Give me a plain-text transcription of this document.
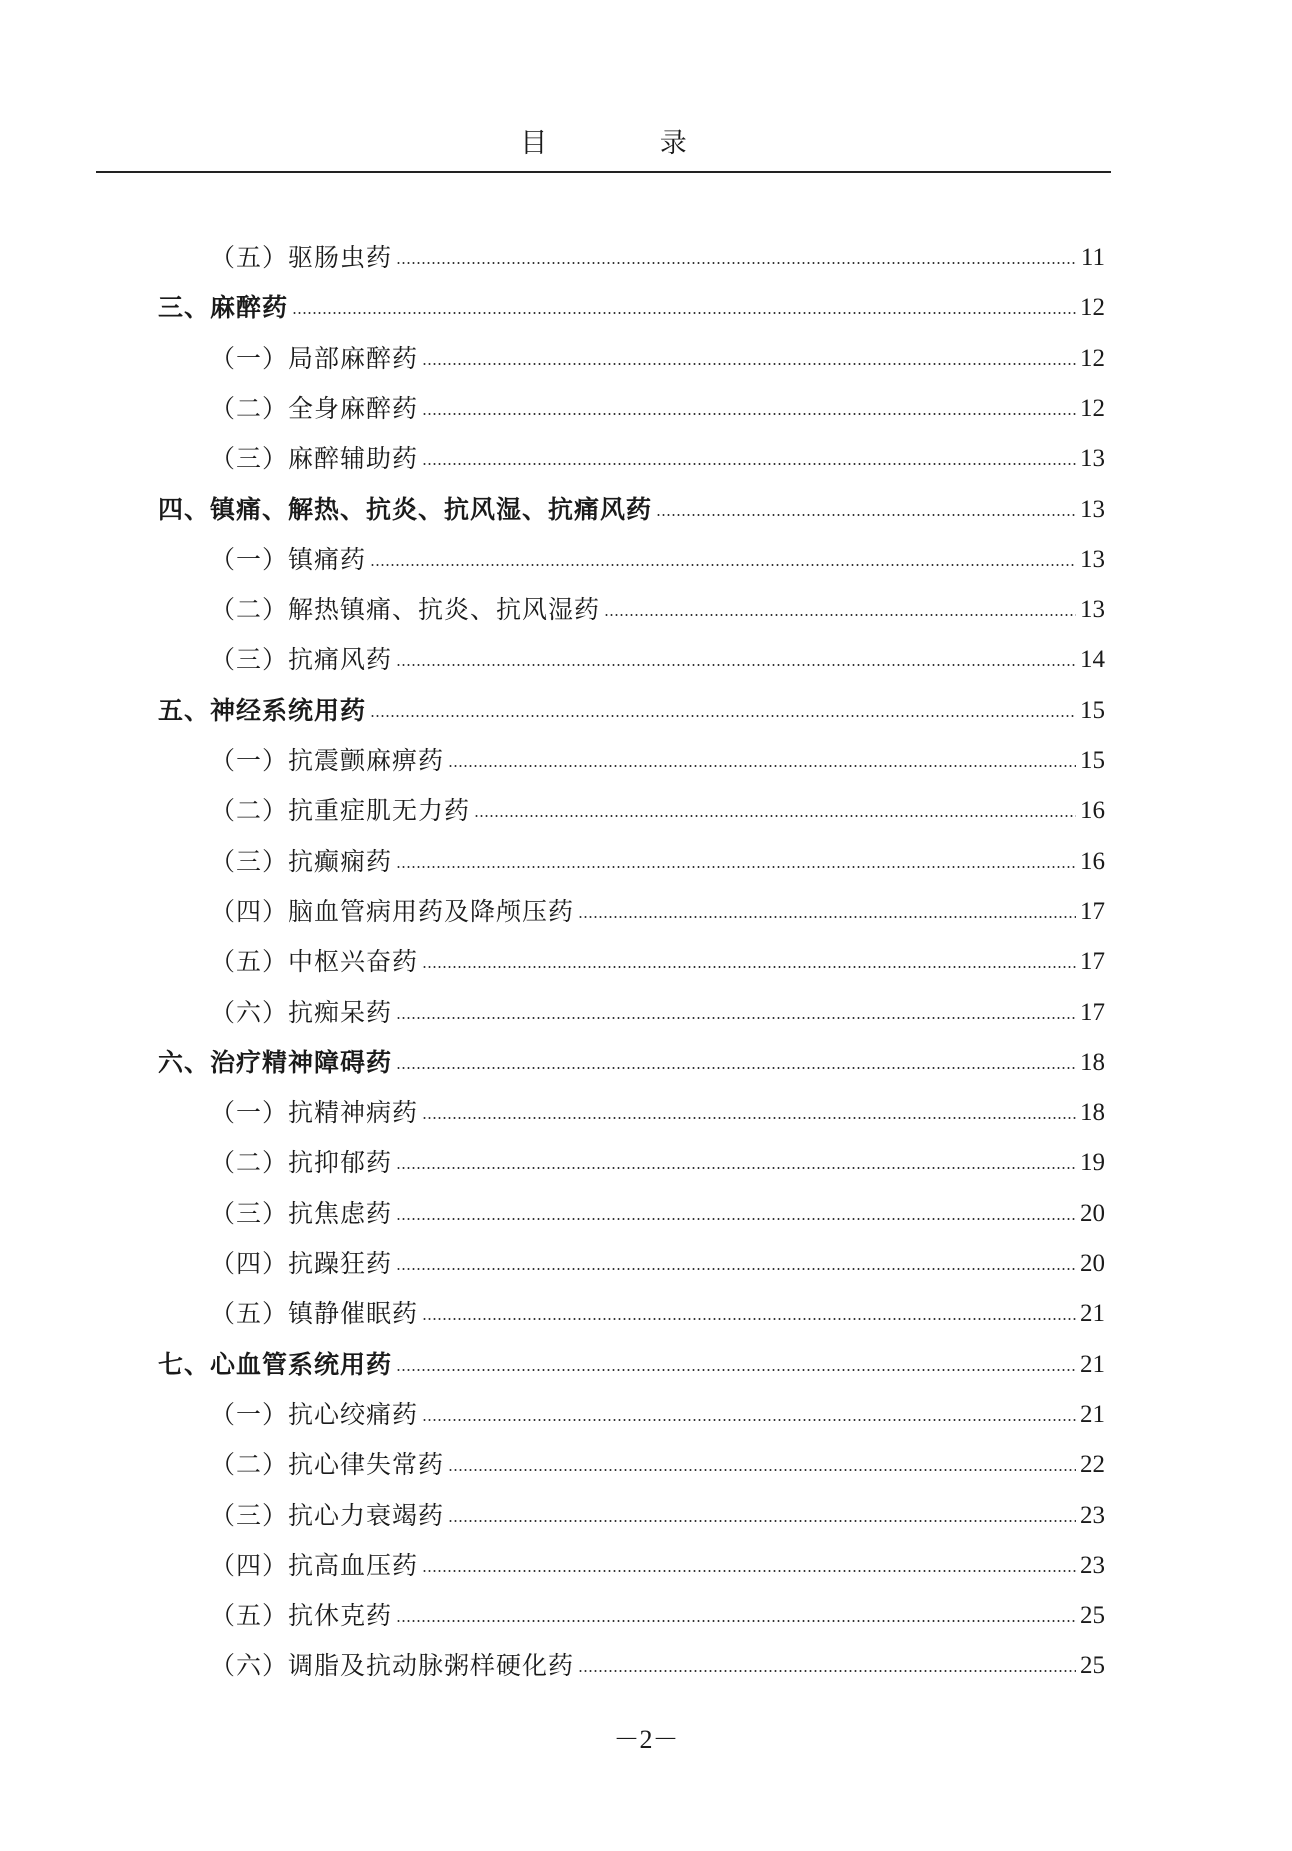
目 录
（五）驱肠虫药	11
三、麻醉药	12
（一）局部麻醉药	12
（二）全身麻醉药	12
（三）麻醉辅助药	13
四、镇痛、解热、抗炎、抗风湿、抗痛风药	13
（一）镇痛药	13
（二）解热镇痛、抗炎、抗风湿药	13
（三）抗痛风药	14
五、神经系统用药	15
（一）抗震颤麻痹药	15
（二）抗重症肌无力药	16
（三）抗癫痫药	16
（四）脑血管病用药及降颅压药	17
（五）中枢兴奋药	17
（六）抗痴呆药	17
六、治疗精神障碍药	18
（一）抗精神病药	18
（二）抗抑郁药	19
（三）抗焦虑药	20
（四）抗躁狂药	20
（五）镇静催眠药	21
七、心血管系统用药	21
（一）抗心绞痛药	21
（二）抗心律失常药	22
（三）抗心力衰竭药	23
（四）抗高血压药	23
（五）抗休克药	25
（六）调脂及抗动脉粥样硬化药	25
－2－
